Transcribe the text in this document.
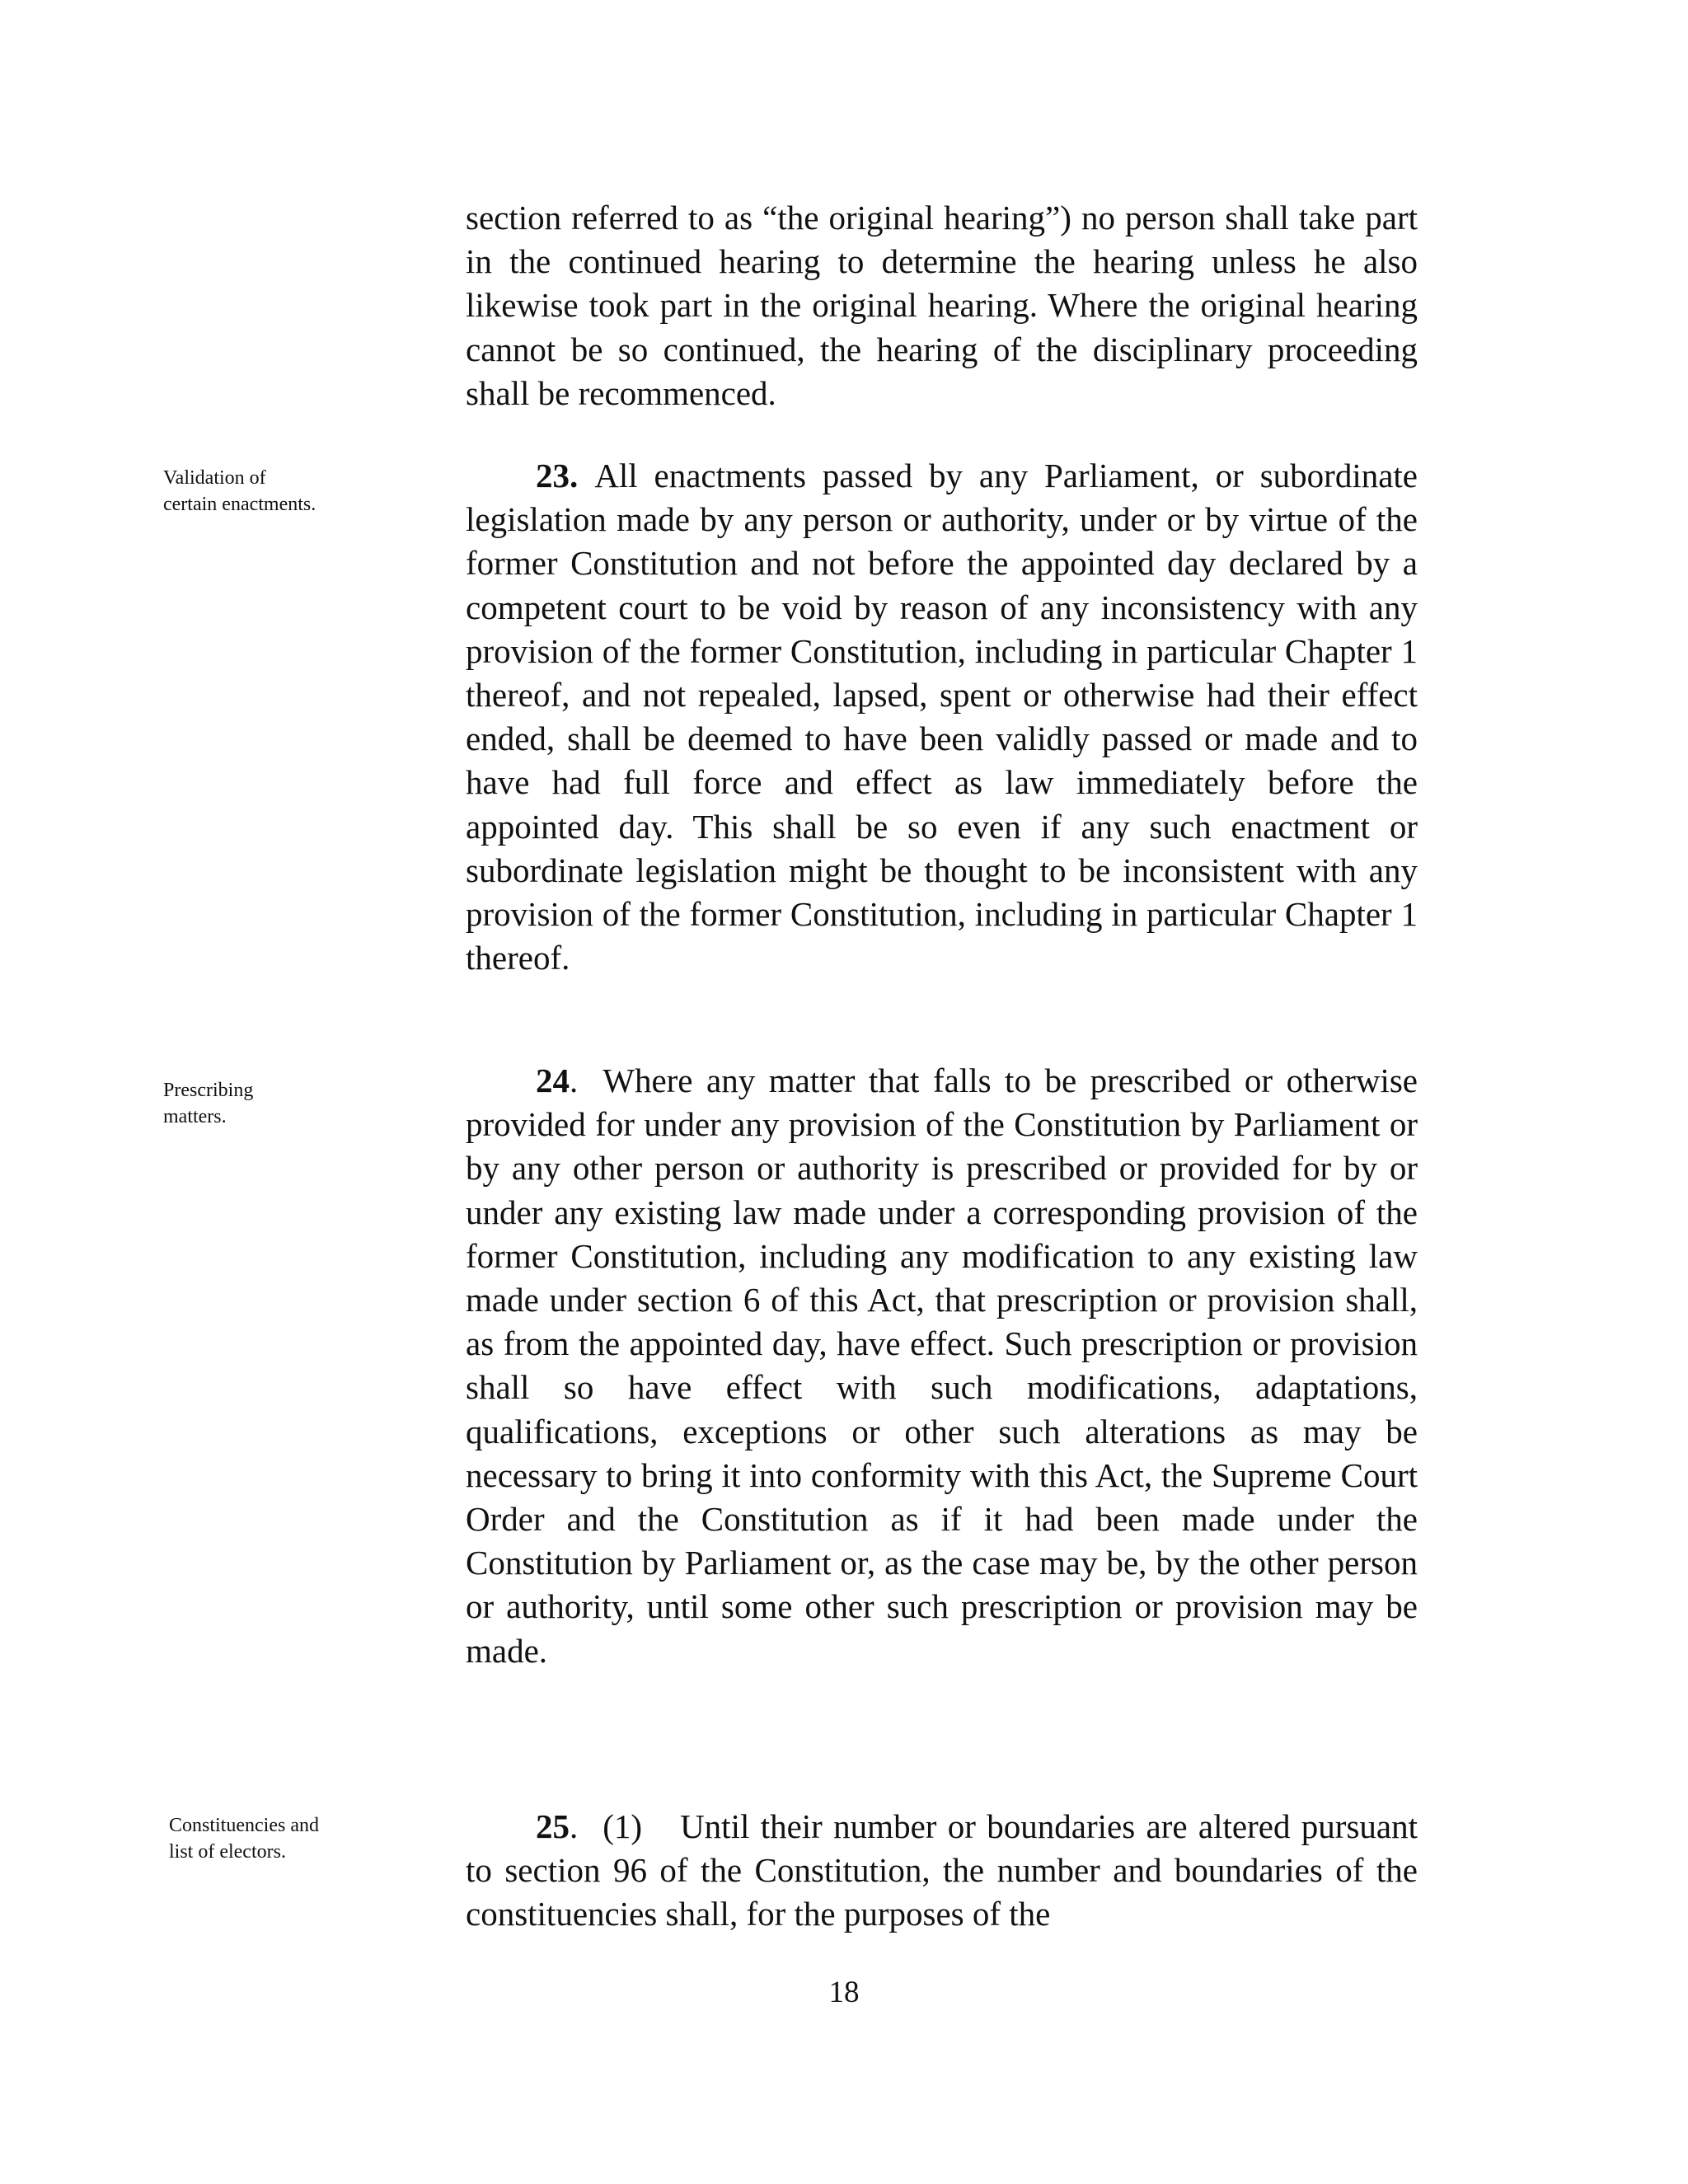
section referred to as “the original hearing”) no person shall take part in the continued hearing to determine the hearing unless he also likewise took part in the original hearing. Where the original hearing cannot be so continued, the hearing of the disciplinary proceeding shall be recommenced.

Validation of certain enactments.

23. All enactments passed by any Parliament, or subordinate legislation made by any person or authority, under or by virtue of the former Constitution and not before the appointed day declared by a competent court to be void by reason of any inconsistency with any provision of the former Constitution, including in particular Chapter 1 thereof, and not repealed, lapsed, spent or otherwise had their effect ended, shall be deemed to have been validly passed or made and to have had full force and effect as law immediately before the appointed day. This shall be so even if any such enactment or subordinate legislation might be thought to be inconsistent with any provision of the former Constitution, including in particular Chapter 1 thereof.

Prescribing matters.

24. Where any matter that falls to be prescribed or otherwise provided for under any provision of the Constitution by Parliament or by any other person or authority is prescribed or provided for by or under any existing law made under a corresponding provision of the former Constitution, including any modification to any existing law made under section 6 of this Act, that prescription or provision shall, as from the appointed day, have effect. Such prescription or provision shall so have effect with such modifications, adaptations, qualifications, exceptions or other such alterations as may be necessary to bring it into conformity with this Act, the Supreme Court Order and the Constitution as if it had been made under the Constitution by Parliament or, as the case may be, by the other person or authority, until some other such prescription or provision may be made.

Constituencies and list of electors.

25. (1) Until their number or boundaries are altered pursuant to section 96 of the Constitution, the number and boundaries of the constituencies shall, for the purposes of the

18
